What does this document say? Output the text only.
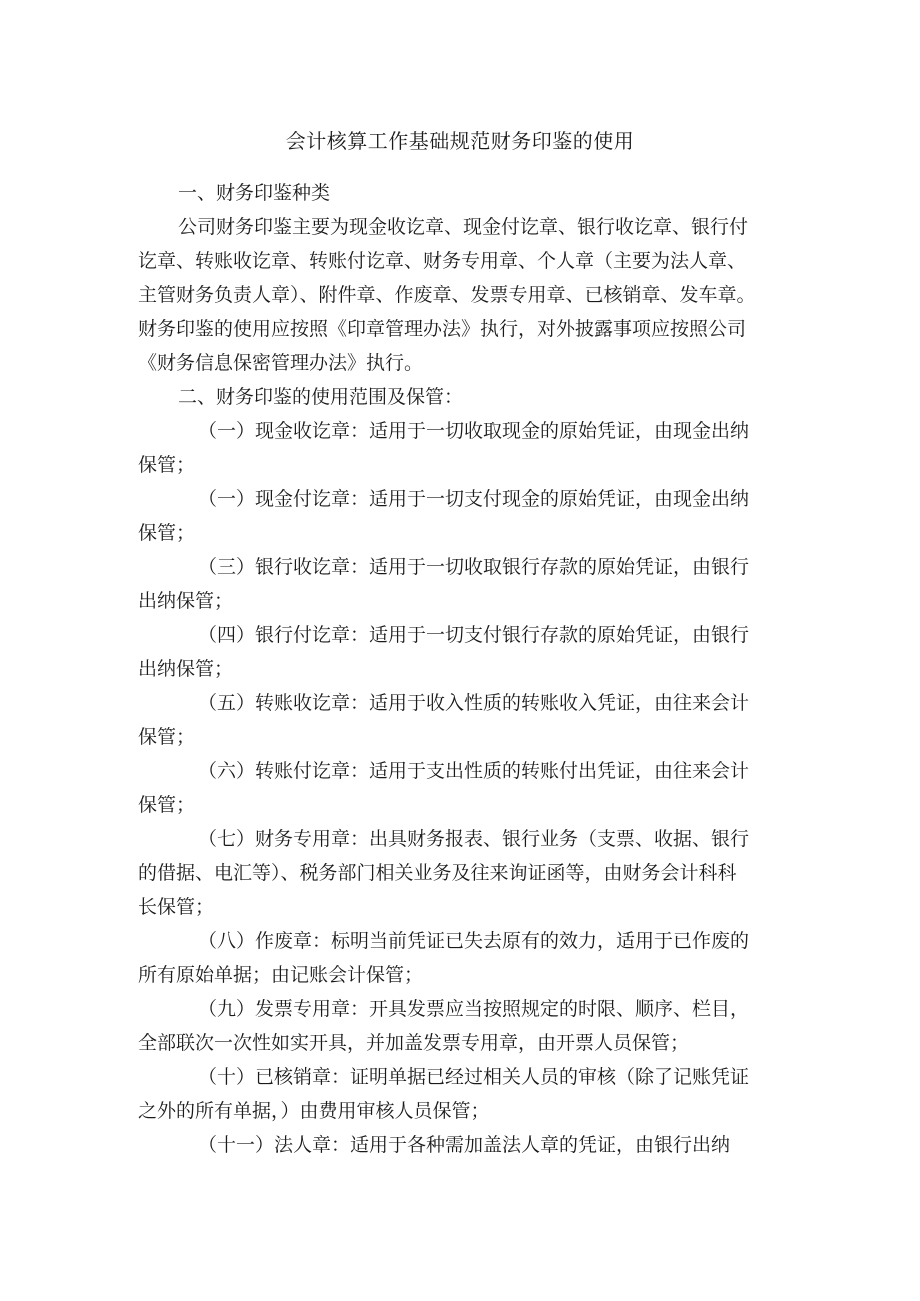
会计核算工作基础规范财务印鉴的使用

一、财务印鉴种类

公司财务印鉴主要为现金收讫章、现金付讫章、银行收讫章、银行付

讫章、转账收讫章、转账付讫章、财务专用章、个人章（主要为法人章、

主管财务负责人章）、附件章、作废章、发票专用章、已核销章、发车章。

财务印鉴的使用应按照《印章管理办法》执行，对外披露事项应按照公司

《财务信息保密管理办法》执行。

二、财务印鉴的使用范围及保管：

（一）现金收讫章：适用于一切收取现金的原始凭证，由现金出纳

保管；

（一）现金付讫章：适用于一切支付现金的原始凭证，由现金出纳

保管；

（三）银行收讫章：适用于一切收取银行存款的原始凭证，由银行

出纳保管；

（四）银行付讫章：适用于一切支付银行存款的原始凭证，由银行

出纳保管；

（五）转账收讫章：适用于收入性质的转账收入凭证，由往来会计

保管；

（六）转账付讫章：适用于支出性质的转账付出凭证，由往来会计

保管；

（七）财务专用章：出具财务报表、银行业务（支票、收据、银行

的借据、电汇等）、税务部门相关业务及往来询证函等，由财务会计科科

长保管；

（八）作废章：标明当前凭证已失去原有的效力，适用于已作废的

所有原始单据；由记账会计保管；

（九）发票专用章：开具发票应当按照规定的时限、顺序、栏目，

全部联次一次性如实开具，并加盖发票专用章，由开票人员保管；

（十）已核销章：证明单据已经过相关人员的审核（除了记账凭证

之外的所有单据，）由费用审核人员保管；

（十一）法人章：适用于各种需加盖法人章的凭证，由银行出纳
